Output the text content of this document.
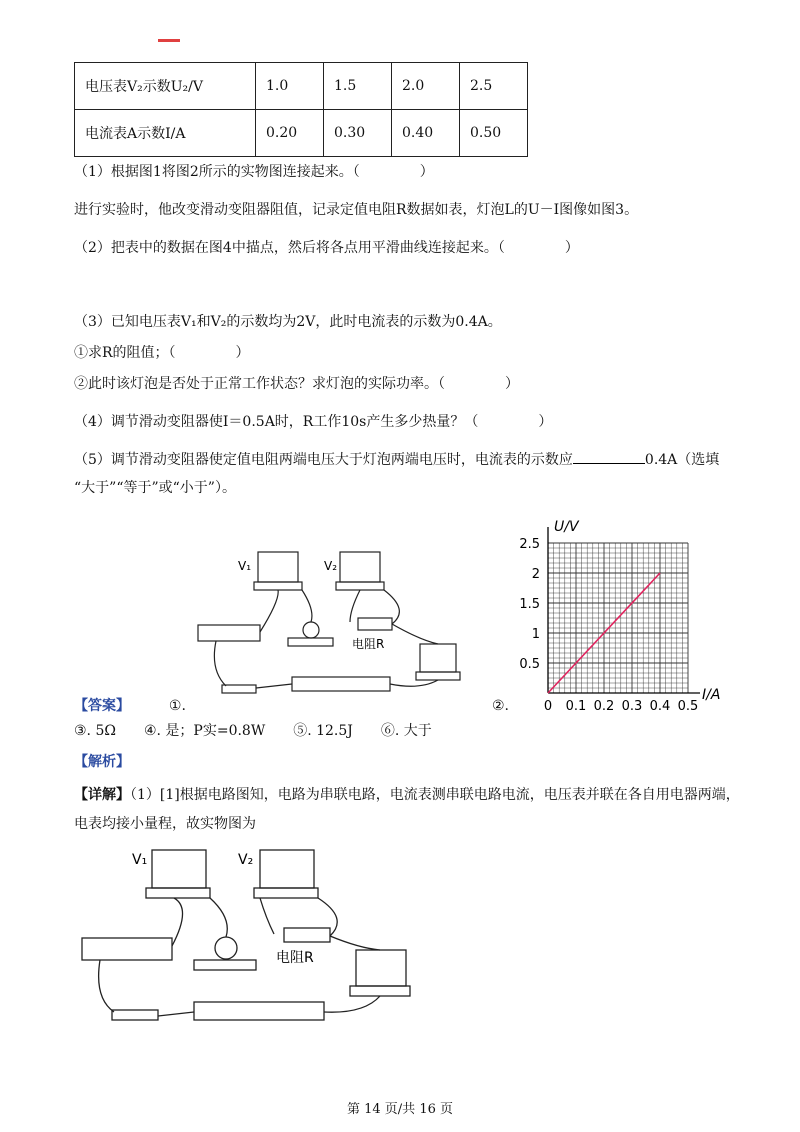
电压表V₂示数U₂/V	1.0	1.5	2.0	2.5
电流表A示数I/A	0.20	0.30	0.40	0.50
（1）根据图1将图2所示的实物图连接起来。（	）
进行实验时，他改变滑动变阻器阻值，记录定值电阻R数据如表，灯泡L的U－I图像如图3。
（2）把表中的数据在图4中描点，然后将各点用平滑曲线连接起来。（	）
（3）已知电压表V₁和V₂的示数均为2V，此时电流表的示数为0.4A。
①求R的阻值；（	）
②此时该灯泡是否处于正常工作状态？求灯泡的实际功率。（	）
（4）调节滑动变阻器使I＝0.5A时，R工作10s产生多少热量？（	）
（5）调节滑动变阻器使定值电阻两端电压大于灯泡两端电压时，电流表的示数应	0.4A（选填
“大于”“等于”或“小于”）。
V₁	V₂
电阻R
U/V
I/A
0 0.1 0.2 0.3 0.4 0.5
0.5
1
1.5
2
2.5
【答案】	①.	②.
③. 5Ω　　④. 是；P实=0.8W　　⑤. 12.5J　　⑥. 大于
【解析】
【详解】（1）[1]根据电路图知，电路为串联电路，电流表测串联电路电流，电压表并联在各自用电器两端，
电表均接小量程，故实物图为
V₁	V₂
电阻R
第 14 页/共 16 页
